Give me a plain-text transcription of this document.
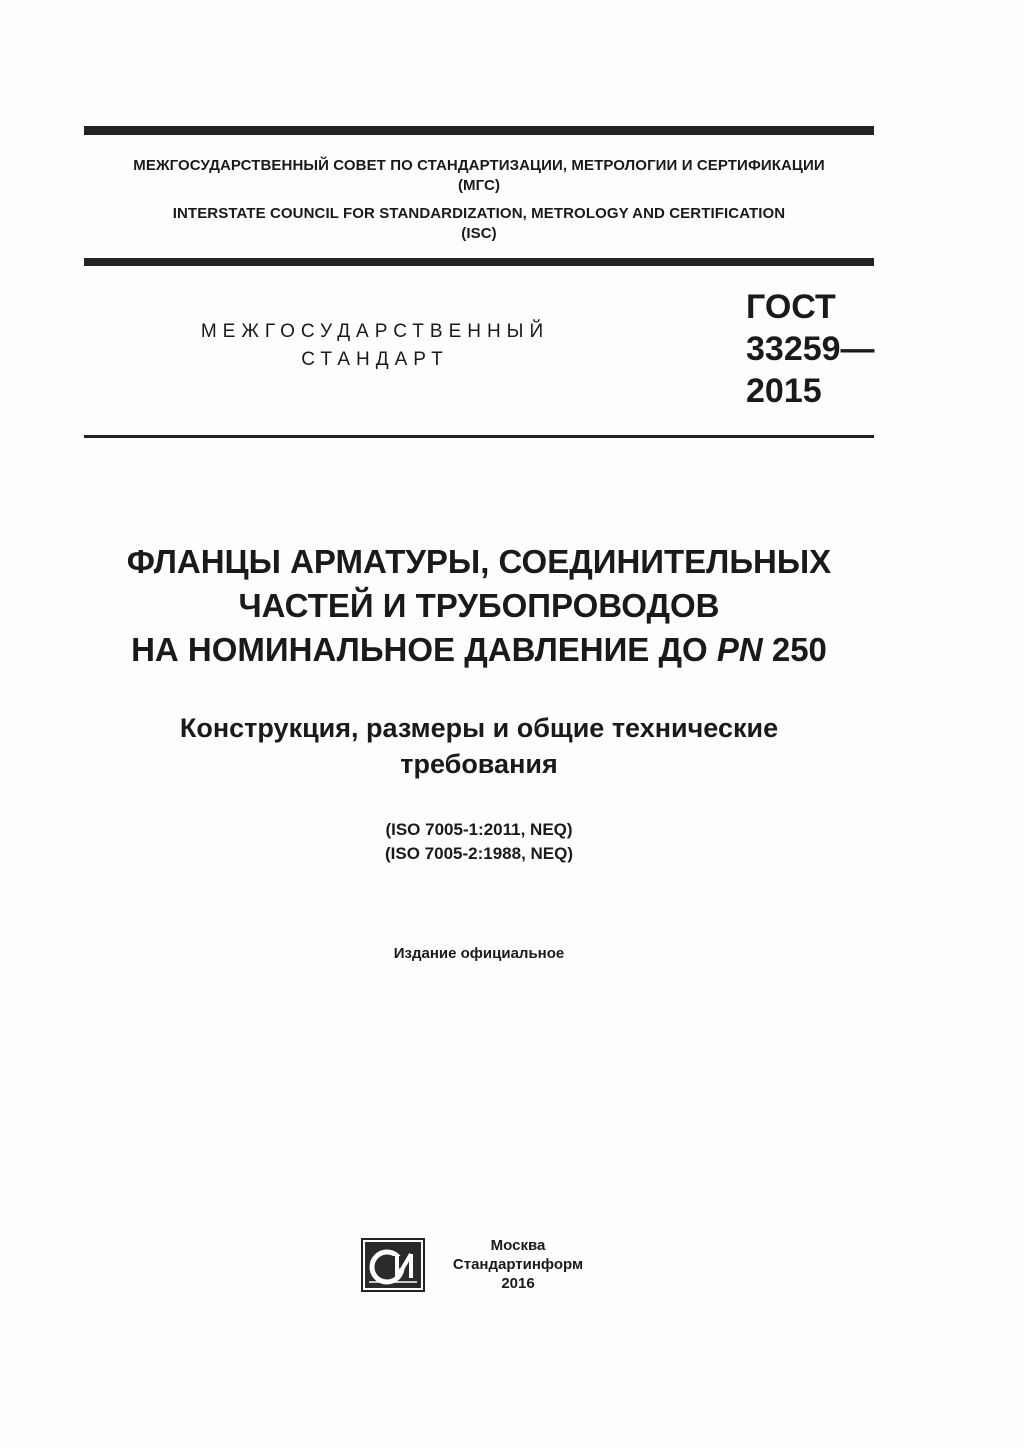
МЕЖГОСУДАРСТВЕННЫЙ СОВЕТ ПО СТАНДАРТИЗАЦИИ, МЕТРОЛОГИИ И СЕРТИФИКАЦИИ
(МГС)
INTERSTATE COUNCIL FOR STANDARDIZATION, METROLOGY AND CERTIFICATION
(ISC)
МЕЖГОСУДАРСТВЕННЫЙ
СТАНДАРТ
ГОСТ
33259—
2015
ФЛАНЦЫ АРМАТУРЫ, СОЕДИНИТЕЛЬНЫХ
ЧАСТЕЙ И ТРУБОПРОВОДОВ
НА НОМИНАЛЬНОЕ ДАВЛЕНИЕ ДО PN 250
Конструкция, размеры и общие технические
требования
(ISO 7005-1:2011, NEQ)
(ISO 7005-2:1988, NEQ)
Издание официальное
Москва
Стандартинформ
2016
